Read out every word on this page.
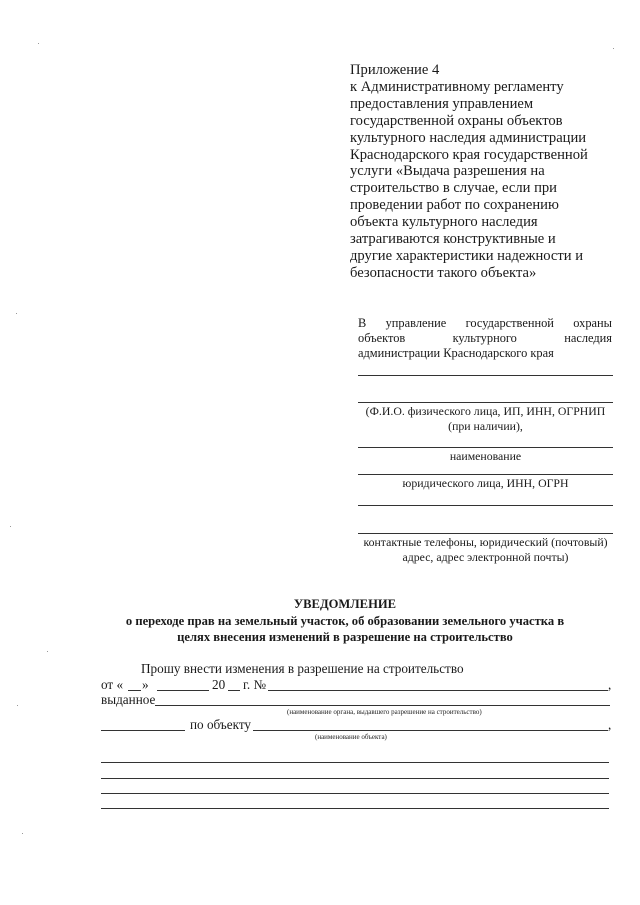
Приложение 4
к Административному регламенту
предоставления управлением
государственной охраны объектов
культурного наследия администрации
Краснодарского края государственной
услуги «Выдача разрешения на
строительство в случае, если при
проведении работ по сохранению
объекта культурного наследия
затрагиваются конструктивные и
другие характеристики надежности и
безопасности такого объекта»
В управление государственной охраны
объектов	культурного	наследия
администрации Краснодарского края
(Ф.И.О. физического лица, ИП, ИНН, ОГРНИП
(при наличии),
наименование
юридического лица, ИНН, ОГРН
контактные телефоны, юридический (почтовый)
адрес, адрес электронной почты)
УВЕДОМЛЕНИЕ
о переходе прав на земельный участок, об образовании земельного участка в
целях внесения изменений в разрешение на строительство
Прошу внести изменения в разрешение на строительство
от « »	20 г. №	,
выданное
(наименование органа, выдавшего разрешение на строительство)
по объекту	,
(наименование объекта)
